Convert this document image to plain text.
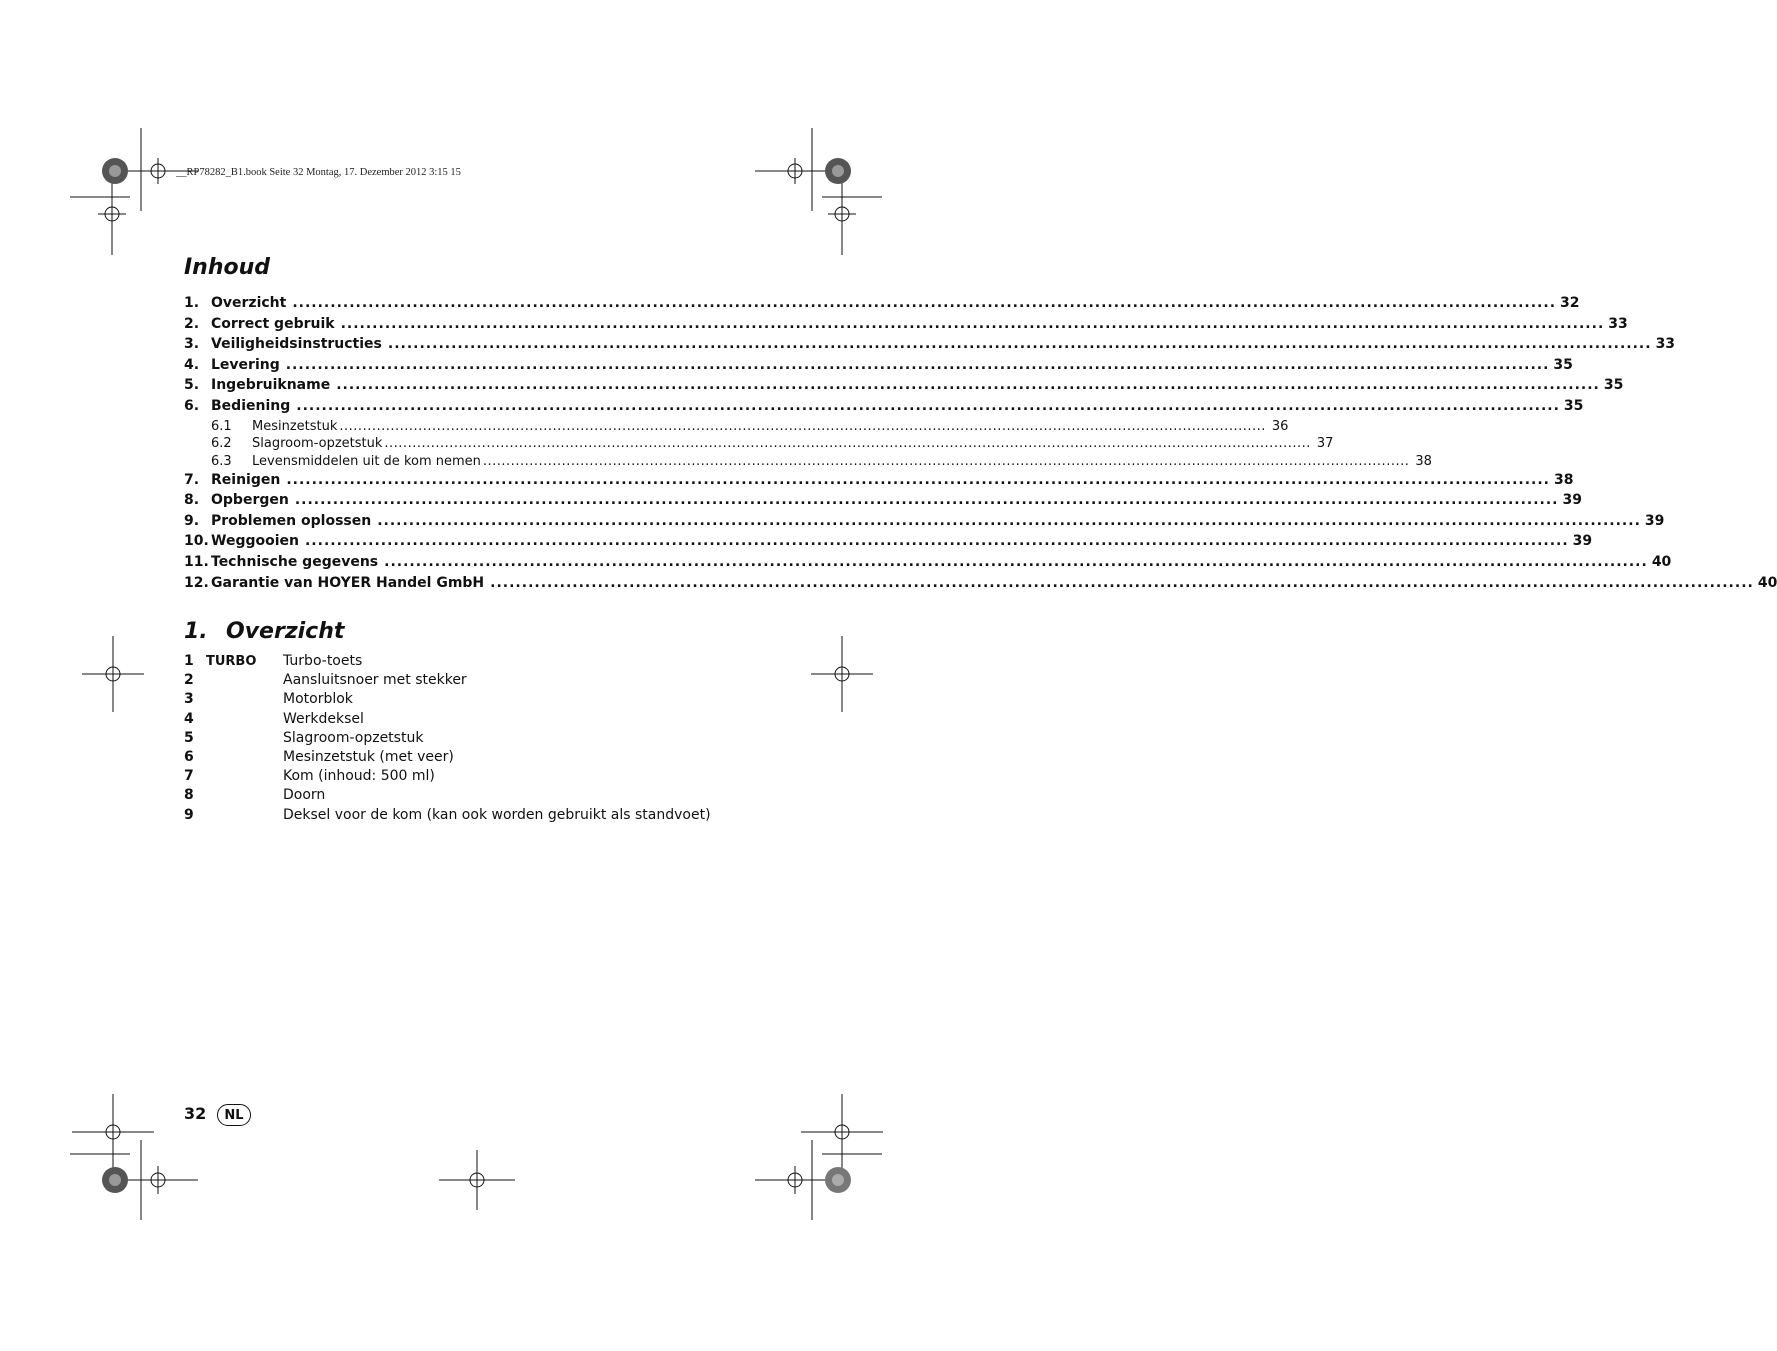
__RP78282_B1.book Seite 32 Montag, 17. Dezember 2012 3:15 15
Inhoud
1. Overzicht ........................................................................................................................................................................................................ 32
2. Correct gebruik ........................................................................................................................................................................................................ 33
3. Veiligheidsinstructies ........................................................................................................................................................................................................ 33
4. Levering ........................................................................................................................................................................................................ 35
5. Ingebruikname ........................................................................................................................................................................................................ 35
6. Bediening ........................................................................................................................................................................................................ 35
6.1	Mesinzetstuk ........................................................................................................................................................................................................ 36
6.2	Slagroom-opzetstuk ........................................................................................................................................................................................................ 37
6.3	Levensmiddelen uit de kom nemen ........................................................................................................................................................................................................ 38
7. Reinigen ........................................................................................................................................................................................................ 38
8. Opbergen ........................................................................................................................................................................................................ 39
9. Problemen oplossen ........................................................................................................................................................................................................ 39
10. Weggooien ........................................................................................................................................................................................................ 39
11. Technische gegevens ........................................................................................................................................................................................................ 40
12. Garantie van HOYER Handel GmbH ........................................................................................................................................................................................................ 40
1. Overzicht
1 TURBO	Turbo-toets
2	Aansluitsnoer met stekker
3	Motorblok
4	Werkdeksel
5	Slagroom-opzetstuk
6	Mesinzetstuk (met veer)
7	Kom (inhoud: 500 ml)
8	Doorn
9	Deksel voor de kom (kan ook worden gebruikt als standvoet)
32	NL
